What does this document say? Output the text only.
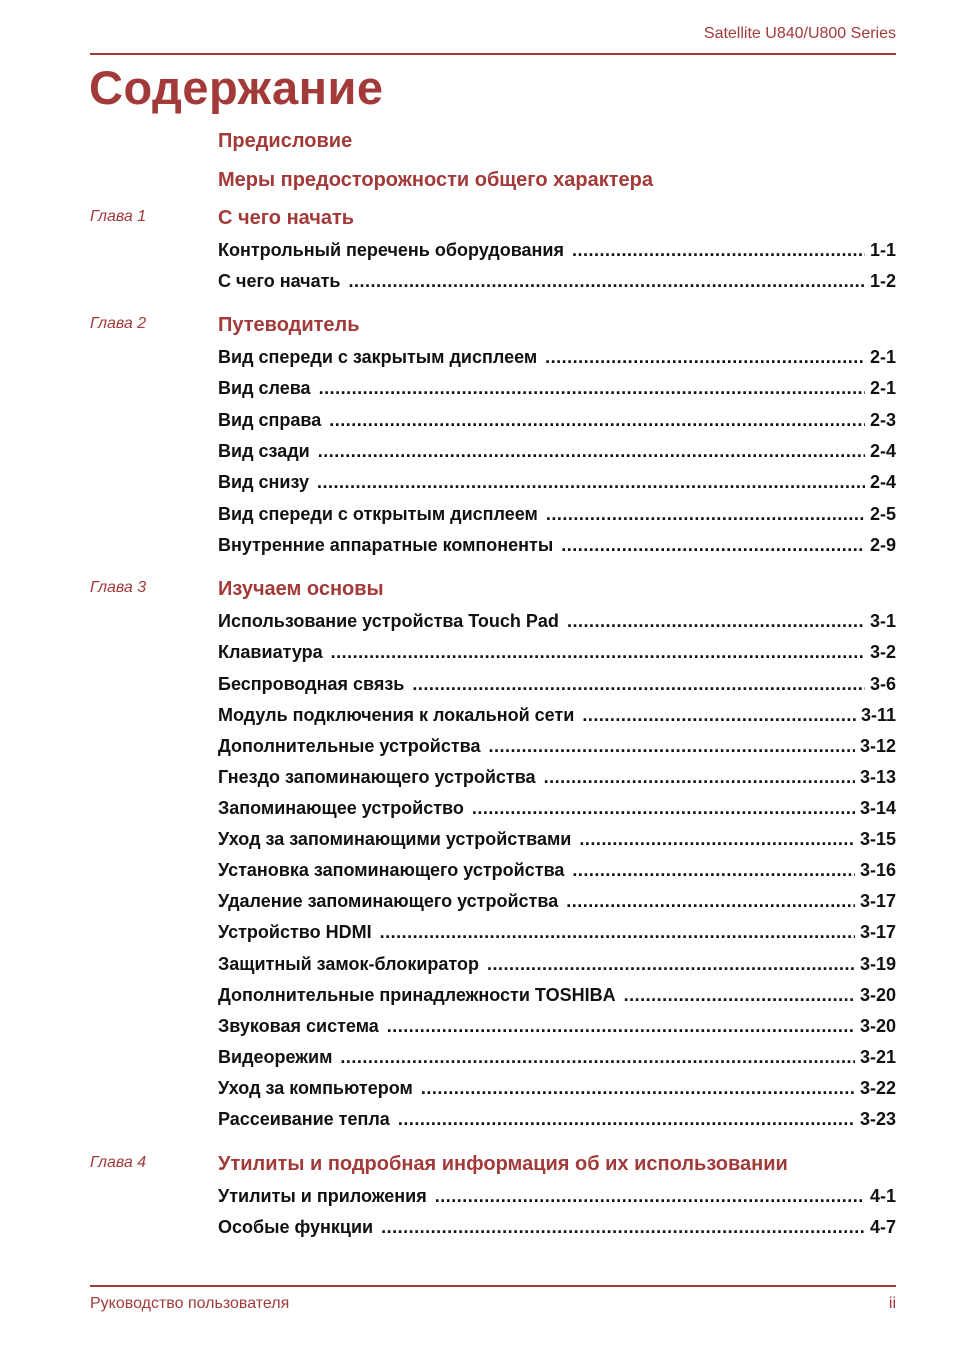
Satellite U840/U800 Series
Содержание
Предисловие
Меры предосторожности общего характера
Глава 1	С чего начать
Контрольный перечень оборудования .....	1-1
С чего начать .....	1-2
Глава 2	Путеводитель
Вид спереди с закрытым дисплеем .....	2-1
Вид слева .....	2-1
Вид справа .....	2-3
Вид сзади .....	2-4
Вид снизу .....	2-4
Вид спереди с открытым дисплеем .....	2-5
Внутренние аппаратные компоненты .....	2-9
Глава 3	Изучаем основы
Использование устройства Touch Pad .....	3-1
Клавиатура .....	3-2
Беспроводная связь .....	3-6
Модуль подключения к локальной сети .....	3-11
Дополнительные устройства .....	3-12
Гнездо запоминающего устройства .....	3-13
Запоминающее устройство .....	3-14
Уход за запоминающими устройствами .....	3-15
Установка запоминающего устройства .....	3-16
Удаление запоминающего устройства .....	3-17
Устройство HDMI .....	3-17
Защитный замок-блокиратор .....	3-19
Дополнительные принадлежности TOSHIBA .....	3-20
Звуковая система .....	3-20
Видеорежим .....	3-21
Уход за компьютером .....	3-22
Рассеивание тепла .....	3-23
Глава 4	Утилиты и подробная информация об их использовании
Утилиты и приложения .....	4-1
Особые функции .....	4-7
Руководство пользователя	ii
